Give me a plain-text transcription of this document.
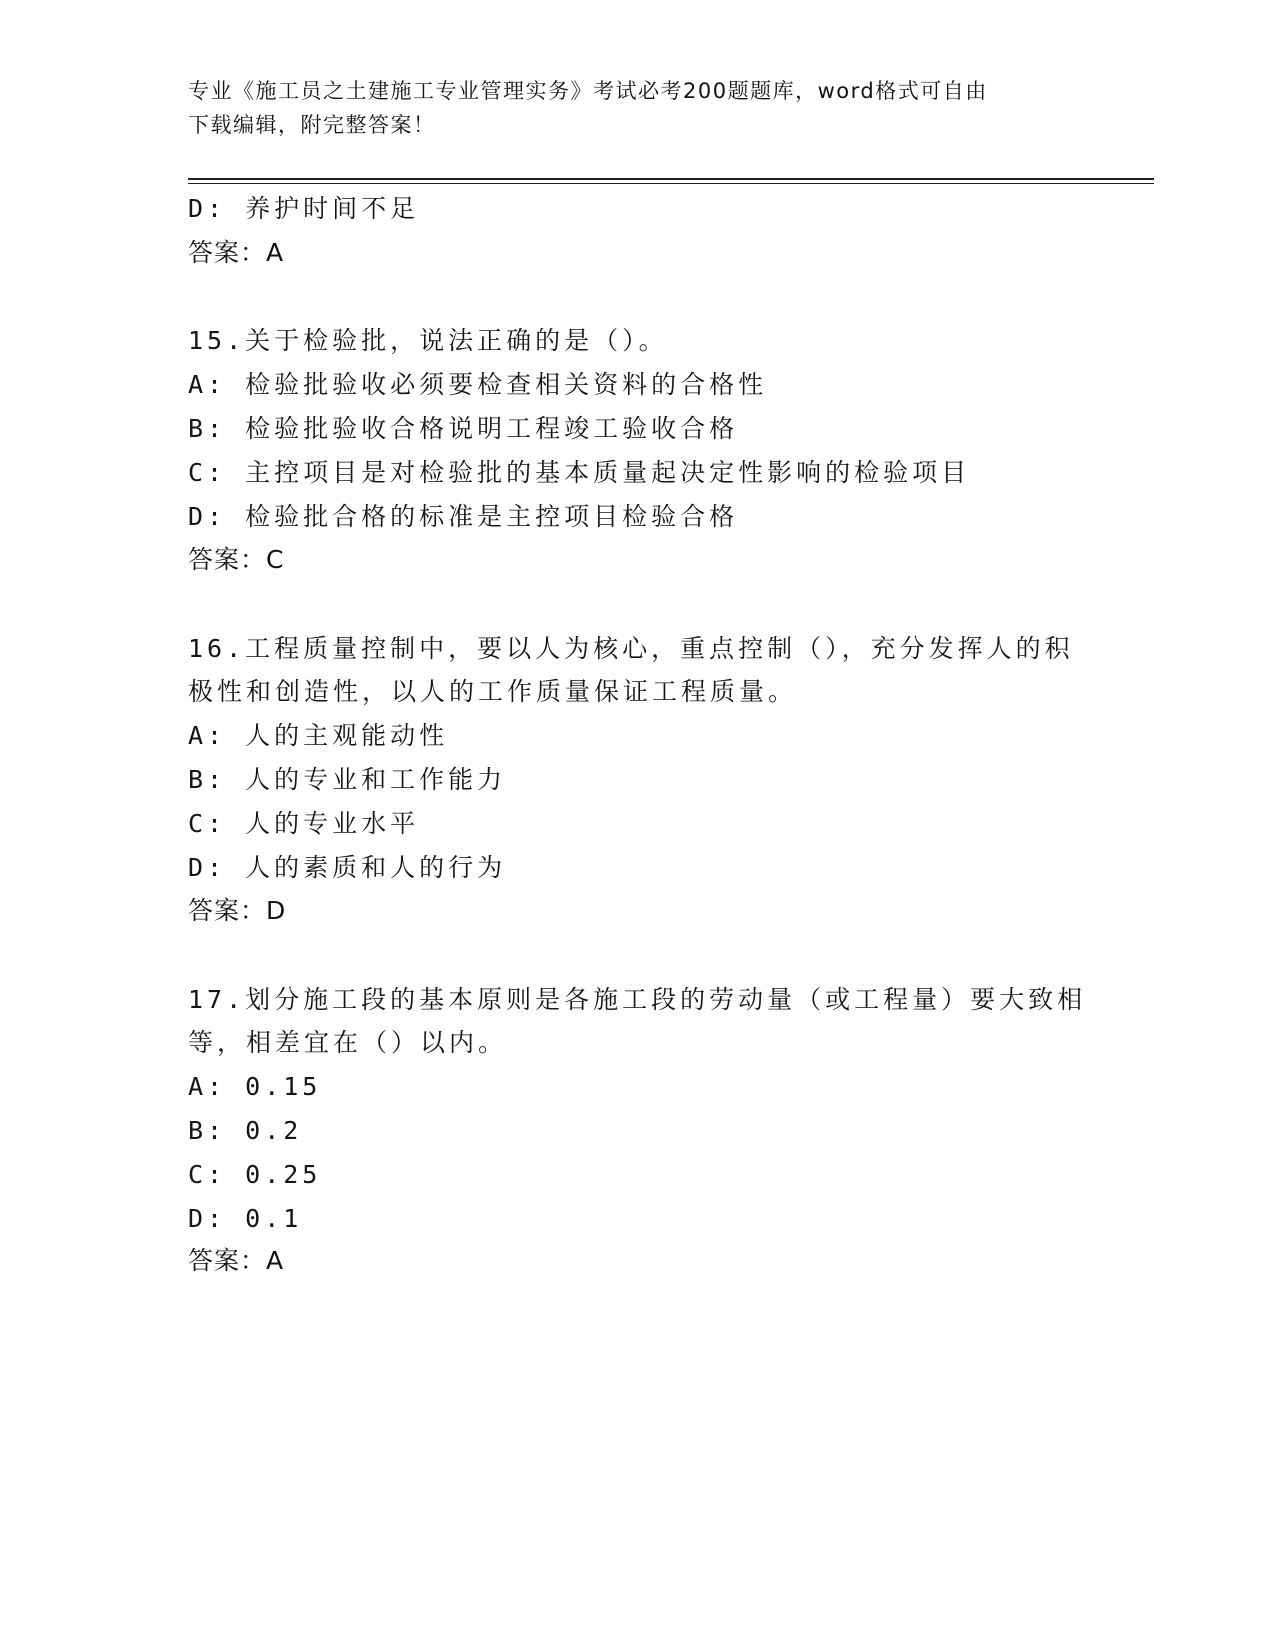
专业《施工员之土建施工专业管理实务》考试必考200题题库，word格式可自由
下载编辑，附完整答案！
D: 养护时间不足
答案：A
15.关于检验批，说法正确的是（）。
A: 检验批验收必须要检查相关资料的合格性
B: 检验批验收合格说明工程竣工验收合格
C: 主控项目是对检验批的基本质量起决定性影响的检验项目
D: 检验批合格的标准是主控项目检验合格
答案：C
16.工程质量控制中，要以人为核心，重点控制（），充分发挥人的积
极性和创造性，以人的工作质量保证工程质量。
A: 人的主观能动性
B: 人的专业和工作能力
C: 人的专业水平
D: 人的素质和人的行为
答案：D
17.划分施工段的基本原则是各施工段的劳动量（或工程量）要大致相
等，相差宜在（）以内。
A: 0.15
B: 0.2
C: 0.25
D: 0.1
答案：A
